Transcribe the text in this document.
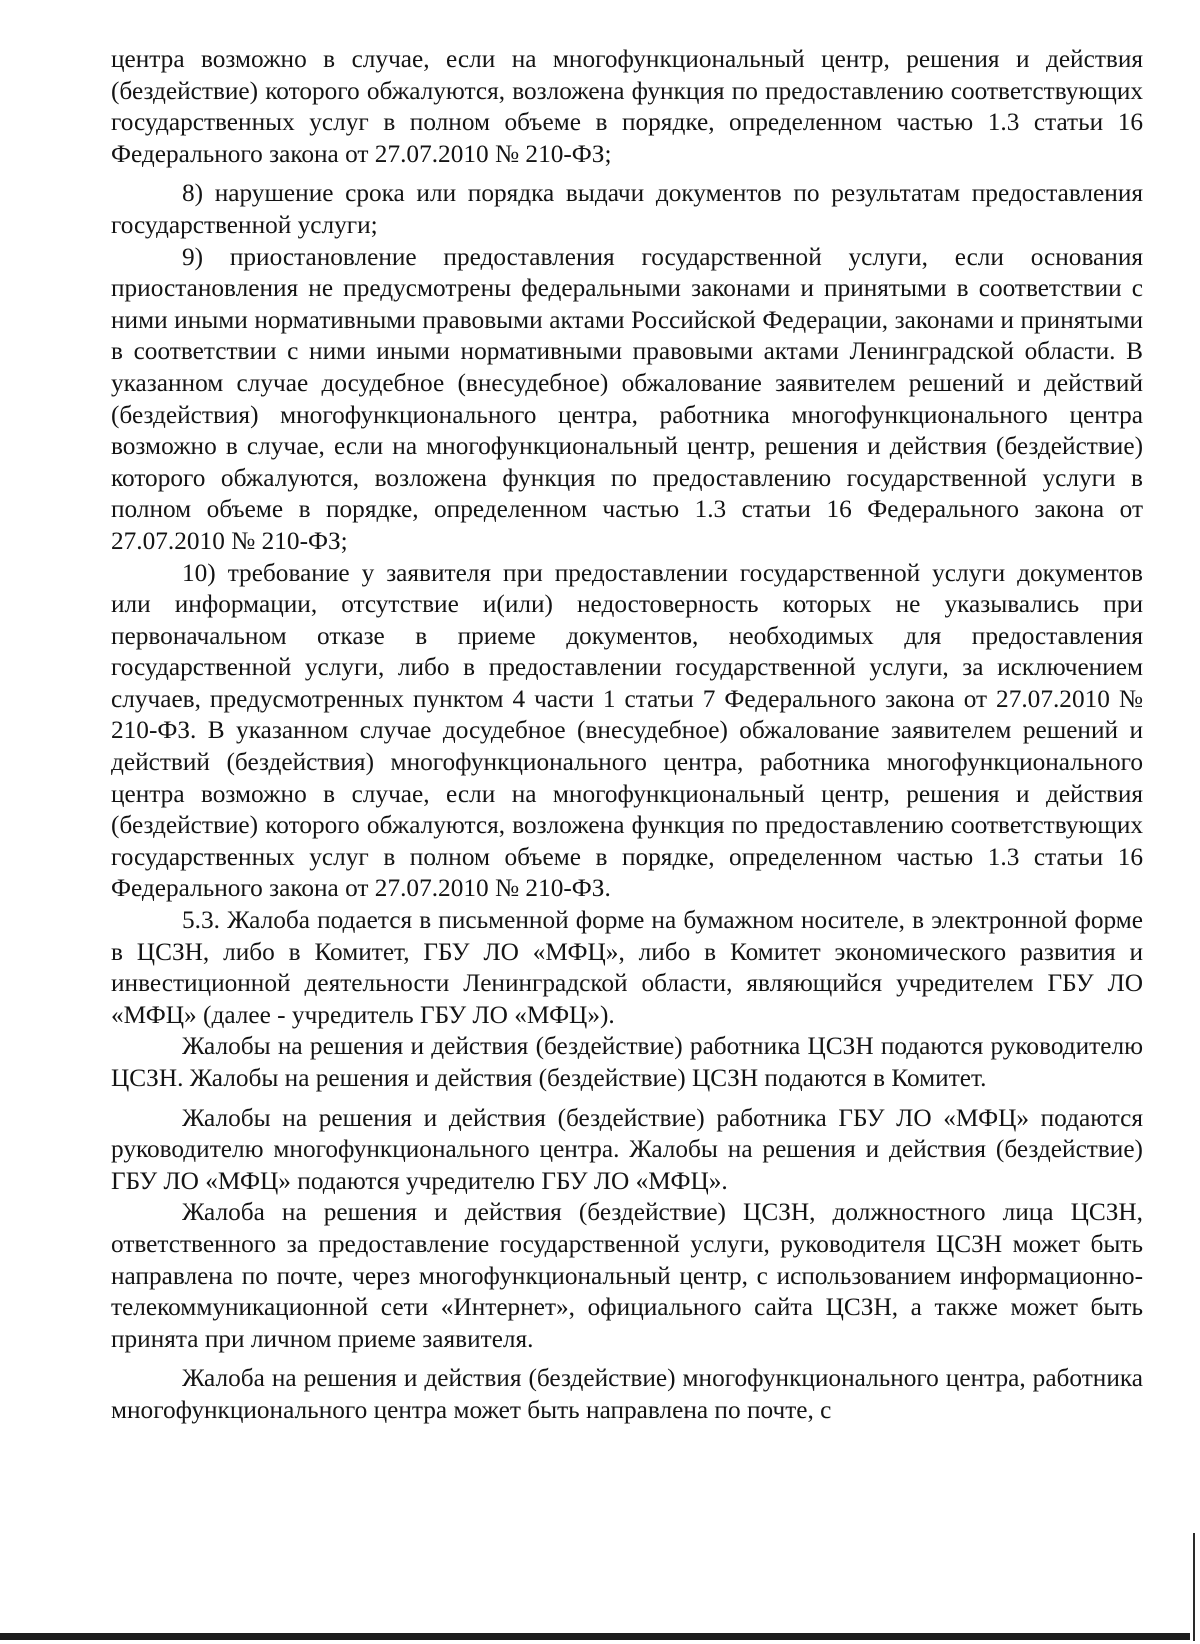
центра возможно в случае, если на многофункциональный центр, решения и действия (бездействие) которого обжалуются, возложена функция по предоставлению соответствующих государственных услуг в полном объеме в порядке, определенном частью 1.3 статьи 16 Федерального закона от 27.07.2010 № 210-ФЗ;

8) нарушение срока или порядка выдачи документов по результатам предоставления государственной услуги;

9) приостановление предоставления государственной услуги, если основания приостановления не предусмотрены федеральными законами и принятыми в соответствии с ними иными нормативными правовыми актами Российской Федерации, законами и принятыми в соответствии с ними иными нормативными правовыми актами Ленинградской области. В указанном случае досудебное (внесудебное) обжалование заявителем решений и действий (бездействия) многофункционального центра, работника многофункционального центра возможно в случае, если на многофункциональный центр, решения и действия (бездействие) которого обжалуются, возложена функция по предоставлению государственной услуги в полном объеме в порядке, определенном частью 1.3 статьи 16 Федерального закона от 27.07.2010 № 210-ФЗ;

10) требование у заявителя при предоставлении государственной услуги документов или информации, отсутствие и(или) недостоверность которых не указывались при первоначальном отказе в приеме документов, необходимых для предоставления государственной услуги, либо в предоставлении государственной услуги, за исключением случаев, предусмотренных пунктом 4 части 1 статьи 7 Федерального закона от 27.07.2010 № 210-ФЗ. В указанном случае досудебное (внесудебное) обжалование заявителем решений и действий (бездействия) многофункционального центра, работника многофункционального центра возможно в случае, если на многофункциональный центр, решения и действия (бездействие) которого обжалуются, возложена функция по предоставлению соответствующих государственных услуг в полном объеме в порядке, определенном частью 1.3 статьи 16 Федерального закона от 27.07.2010 № 210-ФЗ.

5.3. Жалоба подается в письменной форме на бумажном носителе, в электронной форме в ЦСЗН, либо в Комитет, ГБУ ЛО «МФЦ», либо в Комитет экономического развития и инвестиционной деятельности Ленинградской области, являющийся учредителем ГБУ ЛО «МФЦ» (далее - учредитель ГБУ ЛО «МФЦ»).

Жалобы на решения и действия (бездействие) работника ЦСЗН подаются руководителю ЦСЗН. Жалобы на решения и действия (бездействие) ЦСЗН подаются в Комитет.

Жалобы на решения и действия (бездействие) работника ГБУ ЛО «МФЦ» подаются руководителю многофункционального центра. Жалобы на решения и действия (бездействие) ГБУ ЛО «МФЦ» подаются учредителю ГБУ ЛО «МФЦ».

Жалоба на решения и действия (бездействие) ЦСЗН, должностного лица ЦСЗН, ответственного за предоставление государственной услуги, руководителя ЦСЗН может быть направлена по почте, через многофункциональный центр, с использованием информационно-телекоммуникационной сети «Интернет», официального сайта ЦСЗН, а также может быть принята при личном приеме заявителя.

Жалоба на решения и действия (бездействие) многофункционального центра, работника многофункционального центра может быть направлена по почте, с
